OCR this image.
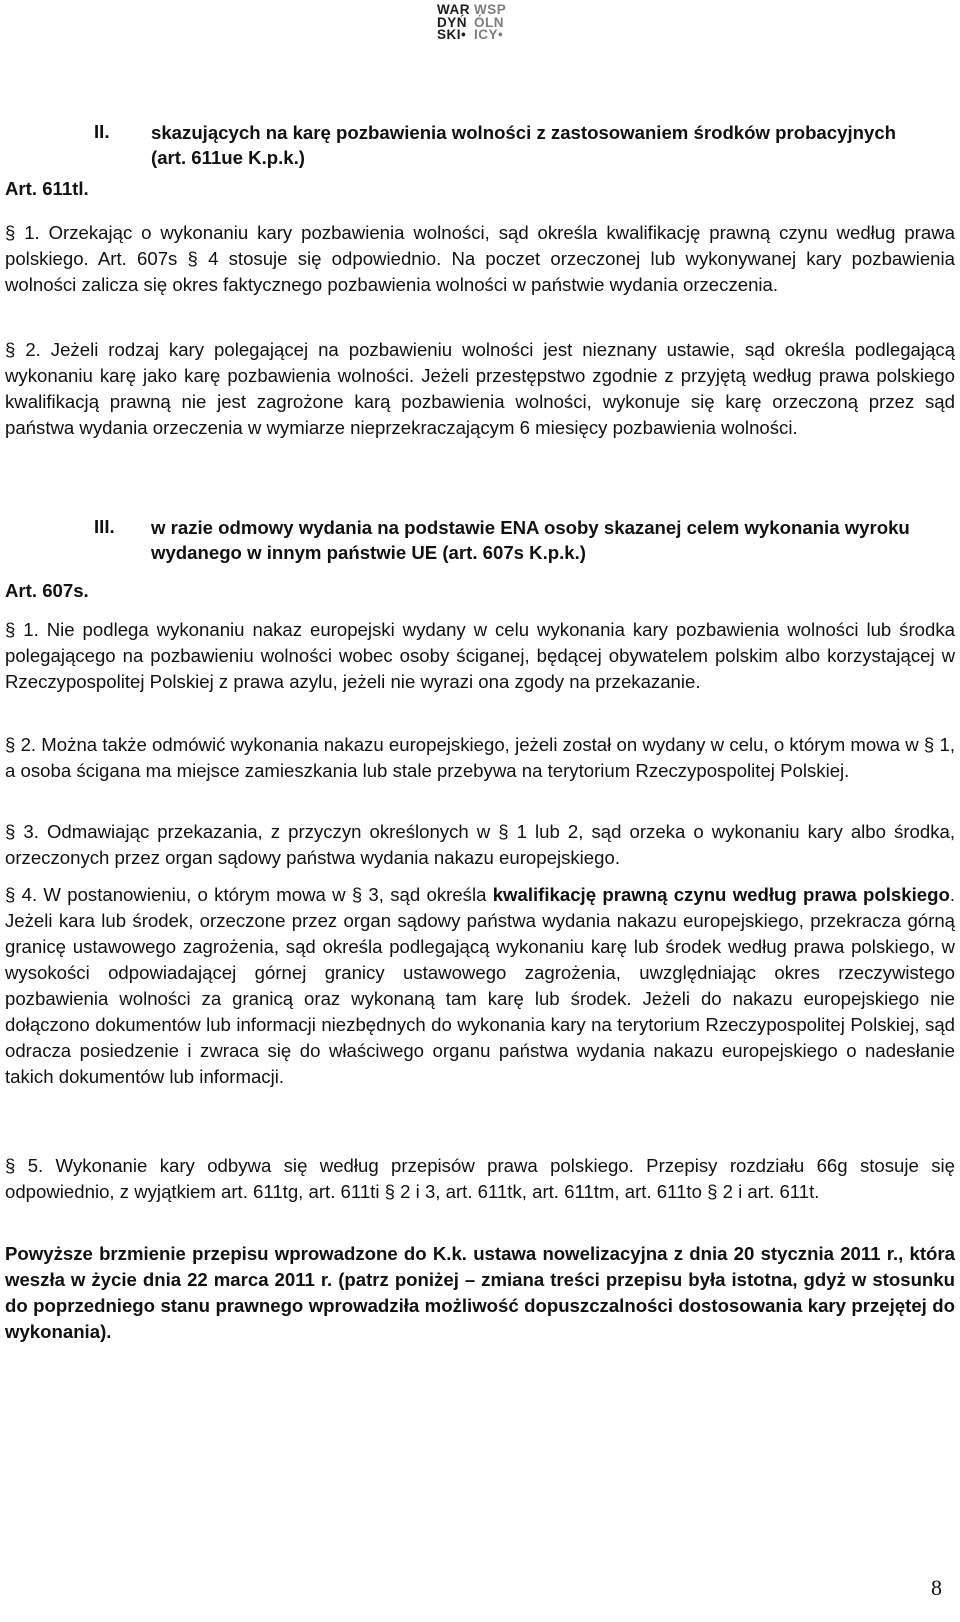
WAR
DYŃ
SKI•
WSP
ÓLN
ICY•
II. skazujących na karę pozbawienia wolności z zastosowaniem środków probacyjnych (art. 611ue K.p.k.)
Art. 611tl.

§ 1. Orzekając o wykonaniu kary pozbawienia wolności, sąd określa kwalifikację prawną czynu według prawa polskiego. Art. 607s § 4 stosuje się odpowiednio. Na poczet orzeczonej lub wykonywanej kary pozbawienia wolności zalicza się okres faktycznego pozbawienia wolności w państwie wydania orzeczenia.

§ 2. Jeżeli rodzaj kary polegającej na pozbawieniu wolności jest nieznany ustawie, sąd określa podlegającą wykonaniu karę jako karę pozbawienia wolności. Jeżeli przestępstwo zgodnie z przyjętą według prawa polskiego kwalifikacją prawną nie jest zagrożone karą pozbawienia wolności, wykonuje się karę orzeczoną przez sąd państwa wydania orzeczenia w wymiarze nieprzekraczającym 6 miesięcy pozbawienia wolności.

III. w razie odmowy wydania na podstawie ENA osoby skazanej celem wykonania wyroku wydanego w innym państwie UE (art. 607s K.p.k.)
Art. 607s.

§ 1. Nie podlega wykonaniu nakaz europejski wydany w celu wykonania kary pozbawienia wolności lub środka polegającego na pozbawieniu wolności wobec osoby ściganej, będącej obywatelem polskim albo korzystającej w Rzeczypospolitej Polskiej z prawa azylu, jeżeli nie wyrazi ona zgody na przekazanie.

§ 2. Można także odmówić wykonania nakazu europejskiego, jeżeli został on wydany w celu, o którym mowa w § 1, a osoba ścigana ma miejsce zamieszkania lub stale przebywa na terytorium Rzeczypospolitej Polskiej.

§ 3. Odmawiając przekazania, z przyczyn określonych w § 1 lub 2, sąd orzeka o wykonaniu kary albo środka, orzeczonych przez organ sądowy państwa wydania nakazu europejskiego.

§ 4. W postanowieniu, o którym mowa w § 3, sąd określa kwalifikację prawną czynu według prawa polskiego. Jeżeli kara lub środek, orzeczone przez organ sądowy państwa wydania nakazu europejskiego, przekracza górną granicę ustawowego zagrożenia, sąd określa podlegającą wykonaniu karę lub środek według prawa polskiego, w wysokości odpowiadającej górnej granicy ustawowego zagrożenia, uwzględniając okres rzeczywistego pozbawienia wolności za granicą oraz wykonaną tam karę lub środek. Jeżeli do nakazu europejskiego nie dołączono dokumentów lub informacji niezbędnych do wykonania kary na terytorium Rzeczypospolitej Polskiej, sąd odracza posiedzenie i zwraca się do właściwego organu państwa wydania nakazu europejskiego o nadesłanie takich dokumentów lub informacji.

§ 5. Wykonanie kary odbywa się według przepisów prawa polskiego. Przepisy rozdziału 66g stosuje się odpowiednio, z wyjątkiem art. 611tg, art. 611ti § 2 i 3, art. 611tk, art. 611tm, art. 611to § 2 i art. 611t.

Powyższe brzmienie przepisu wprowadzone do K.k. ustawa nowelizacyjna z dnia 20 stycznia 2011 r., która weszła w życie dnia 22 marca 2011 r. (patrz poniżej – zmiana treści przepisu była istotna, gdyż w stosunku do poprzedniego stanu prawnego wprowadziła możliwość dopuszczalności dostosowania kary przejętej do wykonania).

8
